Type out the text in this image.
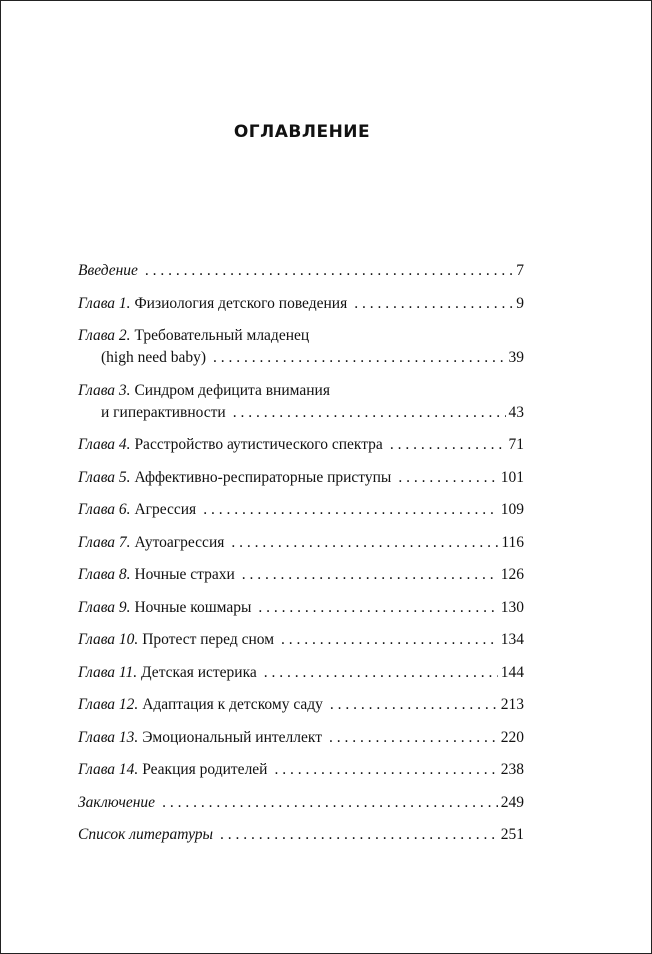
ОГЛАВЛЕНИЕ
Введение . . .	7
Глава 1.
Физиология детского поведения . . .	9
Глава 2.
Требовательный младенец
(high need baby) . . .	39
Глава 3.
Синдром дефицита внимания
и гиперактивности . . .	43
Глава 4.
Расстройство аутистического спектра . . .	71
Глава 5.
Аффективно-респираторные приступы . . .	101
Глава 6.
Агрессия . . .	109
Глава 7.
Аутоагрессия . . .	116
Глава 8.
Ночные страхи . . .	126
Глава 9.
Ночные кошмары . . .	130
Глава 10.
Протест перед сном . . .	134
Глава 11.
Детская истерика . . .	144
Глава 12.
Адаптация к детскому саду . . .	213
Глава 13.
Эмоциональный интеллект . . .	220
Глава 14.
Реакция родителей . . .	238
Заключение . . .	249
Список литературы . . .	251
